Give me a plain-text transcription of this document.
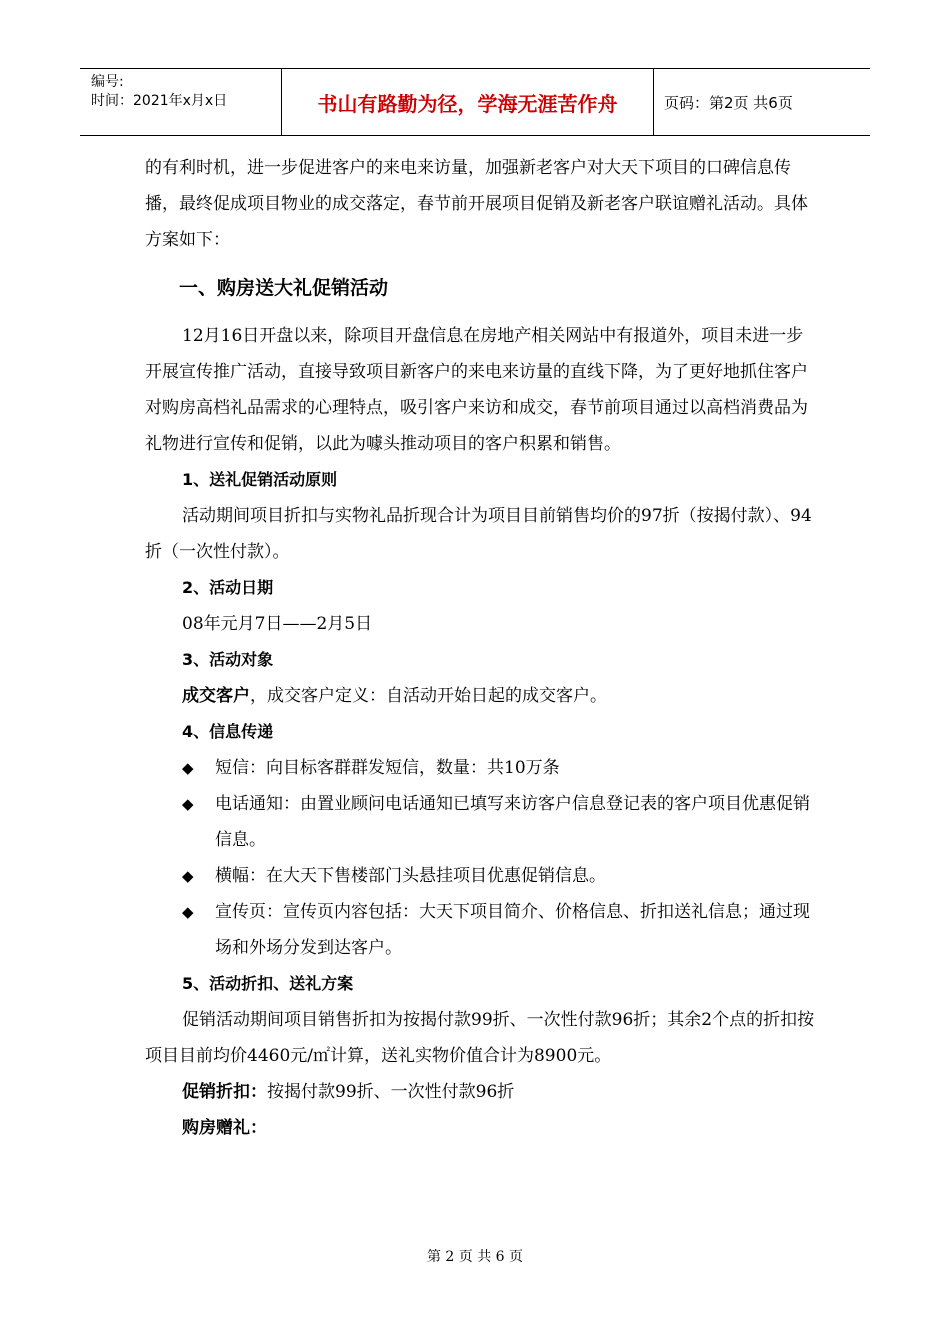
编号:
时间：2021年x月x日	书山有路勤为径，学海无涯苦作舟	页码：第2页 共6页

的有利时机，进一步促进客户的来电来访量，加强新老客户对大天下项目的口碑信息传播，最终促成项目物业的成交落定，春节前开展项目促销及新老客户联谊赠礼活动。具体方案如下：

一、购房送大礼促销活动

12月16日开盘以来，除项目开盘信息在房地产相关网站中有报道外，项目未进一步开展宣传推广活动，直接导致项目新客户的来电来访量的直线下降，为了更好地抓住客户对购房高档礼品需求的心理特点，吸引客户来访和成交，春节前项目通过以高档消费品为礼物进行宣传和促销，以此为噱头推动项目的客户积累和销售。

1、送礼促销活动原则

活动期间项目折扣与实物礼品折现合计为项目目前销售均价的97折（按揭付款）、94折（一次性付款）。

2、活动日期

08年元月7日——2月5日

3、活动对象

成交客户，成交客户定义：自活动开始日起的成交客户。

4、信息传递
◆	短信：向目标客群群发短信，数量：共10万条
◆	电话通知：由置业顾问电话通知已填写来访客户信息登记表的客户项目优惠促销信息。
◆	横幅：在大天下售楼部门头悬挂项目优惠促销信息。
◆	宣传页：宣传页内容包括：大天下项目简介、价格信息、折扣送礼信息；通过现场和外场分发到达客户。
5、活动折扣、送礼方案

促销活动期间项目销售折扣为按揭付款99折、一次性付款96折；其余2个点的折扣按项目目前均价4460元/㎡计算，送礼实物价值合计为8900元。

促销折扣：按揭付款99折、一次性付款96折

购房赠礼：

第 2 页 共 6 页
